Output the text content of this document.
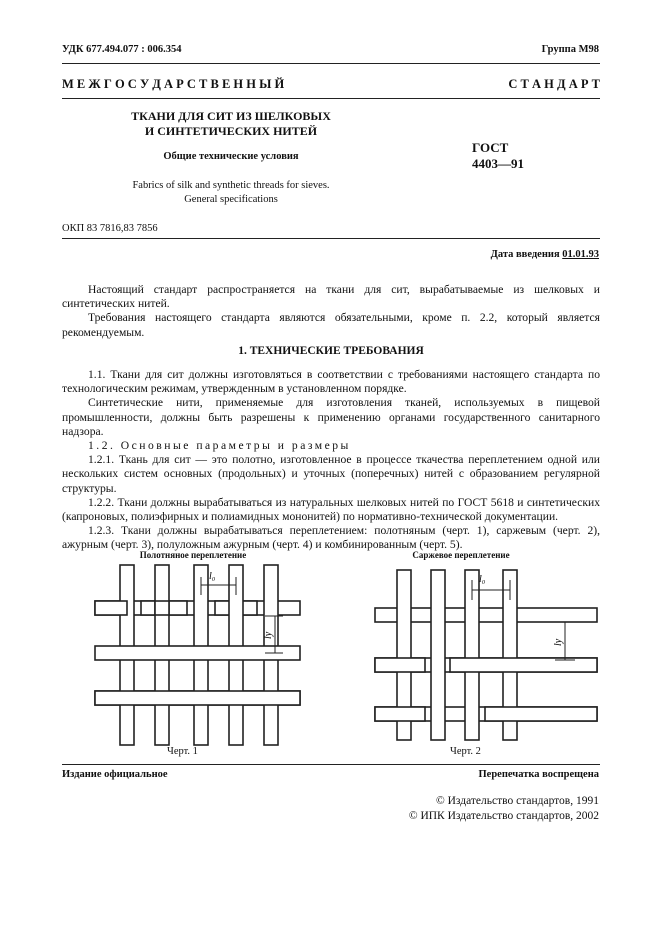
УДК 677.494.077 : 006.354	Группа М98
М Е Ж Г О С У Д А Р С Т В Е Н Н Ы Й	С Т А Н Д А Р Т
ТКАНИ ДЛЯ СИТ ИЗ ШЕЛКОВЫХ
И СИНТЕТИЧЕСКИХ НИТЕЙ
Общие технические условия
Fabrics of silk and synthetic threads for sieves.
General specifications
ГОСТ
4403—91
ОКП 83 7816,83 7856
Дата введения 01.01.93

Настоящий стандарт распространяется на ткани для сит, вырабатываемые из шелковых и синтетических нитей.

Требования настоящего стандарта являются обязательными, кроме п. 2.2, который является рекомендуемым.

1. ТЕХНИЧЕСКИЕ ТРЕБОВАНИЯ

1.1. Ткани для сит должны изготовляться в соответствии с требованиями настоящего стандарта по технологическим режимам, утвержденным в установленном порядке.

Синтетические нити, применяемые для изготовления тканей, используемых в пищевой промышленности, должны быть разрешены к применению органами государственного санитарного надзора.

1.2. Основные параметры и размеры

1.2.1. Ткань для сит — это полотно, изготовленное в процессе ткачества переплетением одной или нескольких систем основных (продольных) и уточных (поперечных) нитей с образованием регулярной структуры.

1.2.2. Ткани должны вырабатываться из натуральных шелковых нитей по ГОСТ 5618 и синтетических (капроновых, полиэфирных и полиамидных мононитей) по нормативно-технической документации.

1.2.3. Ткани должны вырабатываться переплетением: полотняным (черт. 1), саржевым (черт. 2), ажурным (черт. 3), полуложным ажурным (черт. 4) и комбинированным (черт. 5).

Полотняное переплетение
l₀
lу
Черт. 1
Саржевое переплетение
l₀
lу
Черт. 2
Издание официальное	Перепечатка воспрещена
© Издательство стандартов, 1991
© ИПК Издательство стандартов, 2002
